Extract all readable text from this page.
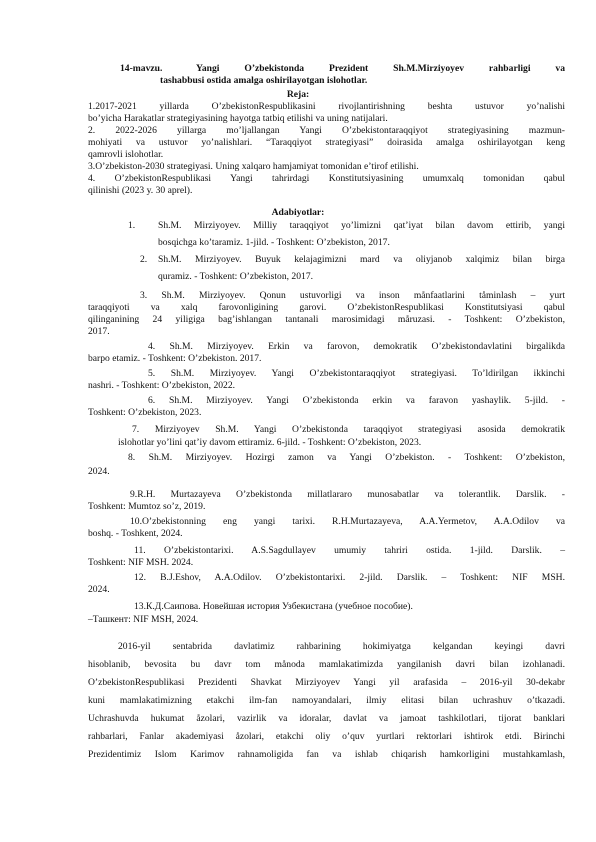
14-mavzu.	Yangi O’zbekistonda Prezident Sh.M.Mirziyoyev rahbarligi va
tashabbusi ostida amalga oshirilayotgan islohotlar.
Reja:
1.2017-2021 yillarda O’zbekistonRespublikasini rivojlantirishning beshta ustuvor yo’nalishi
bo’yicha Harakatlar strategiyasining hayotga tatbiq etilishi va uning natijalari.
2. 2022-2026 yillarga mo’ljallangan Yangi O’zbekistontaraqqiyot strategiyasining mazmun-
mohiyati va ustuvor yo’nalishlari. “Taraqqiyot strategiyasi” doirasida amalga oshirilayotgan keng
qamrovli islohotlar.
3.O’zbekiston-2030 strategiyasi. Uning xalqaro hamjamiyat tomonidan e’tirof etilishi.
4. O’zbekistonRespublikasi Yangi tahrirdagi Konstitutsiyasining umumxalq tomonidan qabul
qilinishi (2023 y. 30 aprel).
Adabiyotlar:
1. Sh.M. Mirziyoyev. Milliy taraqqiyot yo’limizni qat’iyat bilan davom ettirib, yangi
bosqichga ko’taramiz. 1-jild. - Toshkent: O’zbekiston, 2017.
2. Sh.M. Mirziyoyev. Buyuk kelajagimizni mard va oliyjanob xalqimiz bilan birga
quramiz. - Toshkent: O’zbekiston, 2017.
3. Sh.M. Mirziyoyev. Qonun ustuvorligi va inson månfaatlarini tåminlash – yurt
taraqqiyoti va xalq farovonligining garovi. O’zbekistonRespublikasi Konstitutsiyasi qabul
qilinganining 24 yiligiga bag’ishlangan tantanali marosimidagi måruzasi. - Toshkent: O’zbekiston,
2017.
4. Sh.M. Mirziyoyev. Erkin va farovon, demokratik O’zbekistondavlatini birgalikda
barpo etamiz. - Toshkent: O’zbekiston. 2017.
5. Sh.M. Mirziyoyev. Yangi O’zbekistontaraqqiyot strategiyasi. To’ldirilgan ikkinchi
nashri. - Toshkent: O’zbekiston, 2022.
6. Sh.M. Mirziyoyev. Yangi O’zbekistonda erkin va faravon yashaylik. 5-jild. -
Toshkent: O’zbekiston, 2023.
7. Mirziyoyev Sh.M. Yangi O’zbekistonda taraqqiyot strategiyasi asosida demokratik
islohotlar yo’lini qat’iy davom ettiramiz. 6-jild. - Toshkent: O’zbekiston, 2023.
8. Sh.M. Mirziyoyev. Hozirgi zamon va Yangi O’zbekiston. - Toshkent: O’zbekiston,
2024.
9.R.H. Murtazayeva O’zbekistonda millatlararo munosabatlar va tolerantlik. Darslik. -
Toshkent: Mumtoz so’z, 2019.
10.O’zbekistonning eng yangi tarixi. R.H.Murtazayeva, A.A.Yermetov, A.A.Odilov va
boshq. - Toshkent, 2024.
11. O’zbekistontarixi. A.S.Sagdullayev umumiy tahriri ostida. 1-jild. Darslik. –
Toshkent: NIF MSH. 2024.
12. B.J.Eshov, A.A.Odilov. O’zbekistontarixi. 2-jild. Darslik. – Toshkent: NIF MSH.
2024.
13.К.Д.Саипова. Новейшая история Узбекистана (учебное пособие).
–Ташкент: NIF MSH, 2024.
2016-yil sentabrida davlatimiz rahbarining hokimiyatga kelgandan keyingi davri
hisoblanib, bevosita bu davr tom månoda mamlakatimizda yangilanish davri bilan izohlanadi.
O’zbekistonRespublikasi Prezidenti Shavkat Mirziyoyev Yangi yil arafasida – 2016-yil 30-dekabr
kuni mamlakatimizning etakchi ilm-fan namoyandalari, ilmiy elitasi bilan uchrashuv o’tkazadi.
Uchrashuvda hukumat åzolari, vazirlik va idoralar, davlat va jamoat tashkilotlari, tijorat banklari
rahbarlari, Fanlar akademiyasi åzolari, etakchi oliy o’quv yurtlari rektorlari ishtirok etdi. Birinchi
Prezidentimiz Islom Karimov rahnamoligida fan va ishlab chiqarish hamkorligini mustahkamlash,
